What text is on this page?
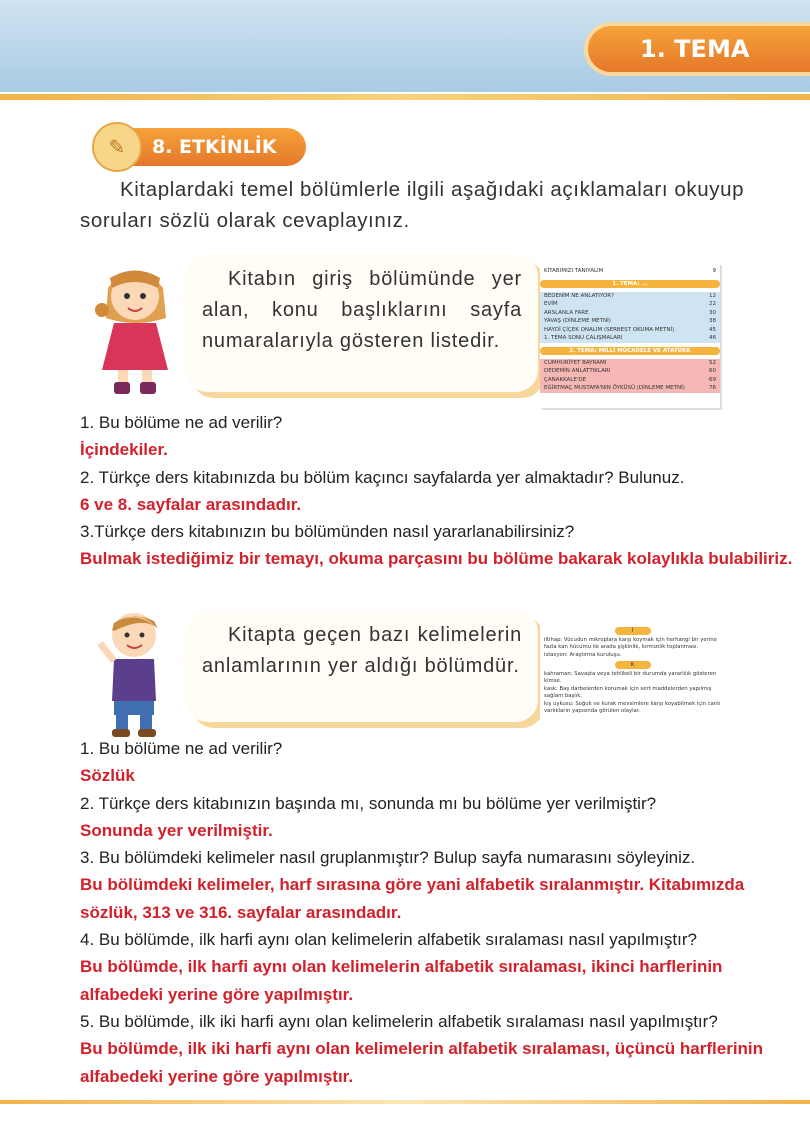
1. TEMA
8. ETKİNLİK
✎
Kitaplardaki temel bölümlerle ilgili aşağıdaki açıklamaları okuyup soruları sözlü olarak cevaplayınız.
Kitabın giriş bölümünde yer alan, konu başlıklarını sayfa numaralarıyla gösteren listedir.
KİTABIMIZI TANIYALIM	9
1. TEMA: ...
BEDENİM NE ANLATIYOR?	12
EVİM	22
ARSLANLA FARE	30
YAVAŞ (DİNLEME METNİ)	38
HAYDİ ÇİÇEK ONALIM (SERBEST OKUMA METNİ)	45
1. TEMA SONU ÇALIŞMALARI	46
2. TEMA: MİLLİ MÜCADELE VE ATATÜRK
CUMHURİYET BAYRAMI	52
DEDEMİN ANLATTIKLARI	60
ÇANAKKALE'DE	69
EĞİRTMAÇ MUSTAFA'NIN ÖYKÜSÜ (DİNLEME METNİ)	76
1. Bu bölüme ne ad verilir?
İçindekiler.
2. Türkçe ders kitabınızda bu bölüm kaçıncı sayfalarda yer almaktadır? Bulunuz.
6 ve 8. sayfalar arasındadır.
3.Türkçe ders kitabınızın bu bölümünden nasıl yararlanabilirsiniz?
Bulmak istediğimiz bir temayı, okuma parçasını bu bölüme bakarak kolaylıkla bulabiliriz.
Kitapta geçen bazı kelimelerin anlamlarının yer aldığı bölümdür.
İ

iltihap: Vücudun mikroplara karşı koymak için herhangi bir yerine fazla kan hücumu ile arada şişkinlik, kırmızılık toplanması.

istasyon: Araştırma kuruluşu.

K

kahraman: Savaşta veya tehlikeli bir durumda yararlılık gösteren kimse.

kask: Baş darbelerden korumak için sert maddelerden yapılmış sağlam başlık.

kış uykusu: Soğuk ve kurak mevsimlere karşı koyabilmek için canlı varlıkların yapısında görülen olaylar.

1. Bu bölüme ne ad verilir?
Sözlük
2. Türkçe ders kitabınızın başında mı, sonunda mı bu bölüme yer verilmiştir?
Sonunda yer verilmiştir.
3. Bu bölümdeki kelimeler nasıl gruplanmıştır? Bulup sayfa numarasını söyleyiniz.
Bu bölümdeki kelimeler, harf sırasına göre yani alfabetik sıralanmıştır. Kitabımızda sözlük, 313 ve 316. sayfalar arasındadır.
4. Bu bölümde, ilk harfi aynı olan kelimelerin alfabetik sıralaması nasıl yapılmıştır?
Bu bölümde, ilk harfi aynı olan kelimelerin alfabetik sıralaması, ikinci harflerinin alfabedeki yerine göre yapılmıştır.
5. Bu bölümde, ilk iki harfi aynı olan kelimelerin alfabetik sıralaması nasıl yapılmıştır?
Bu bölümde, ilk iki harfi aynı olan kelimelerin alfabetik sıralaması, üçüncü harflerinin alfabedeki yerine göre yapılmıştır.
